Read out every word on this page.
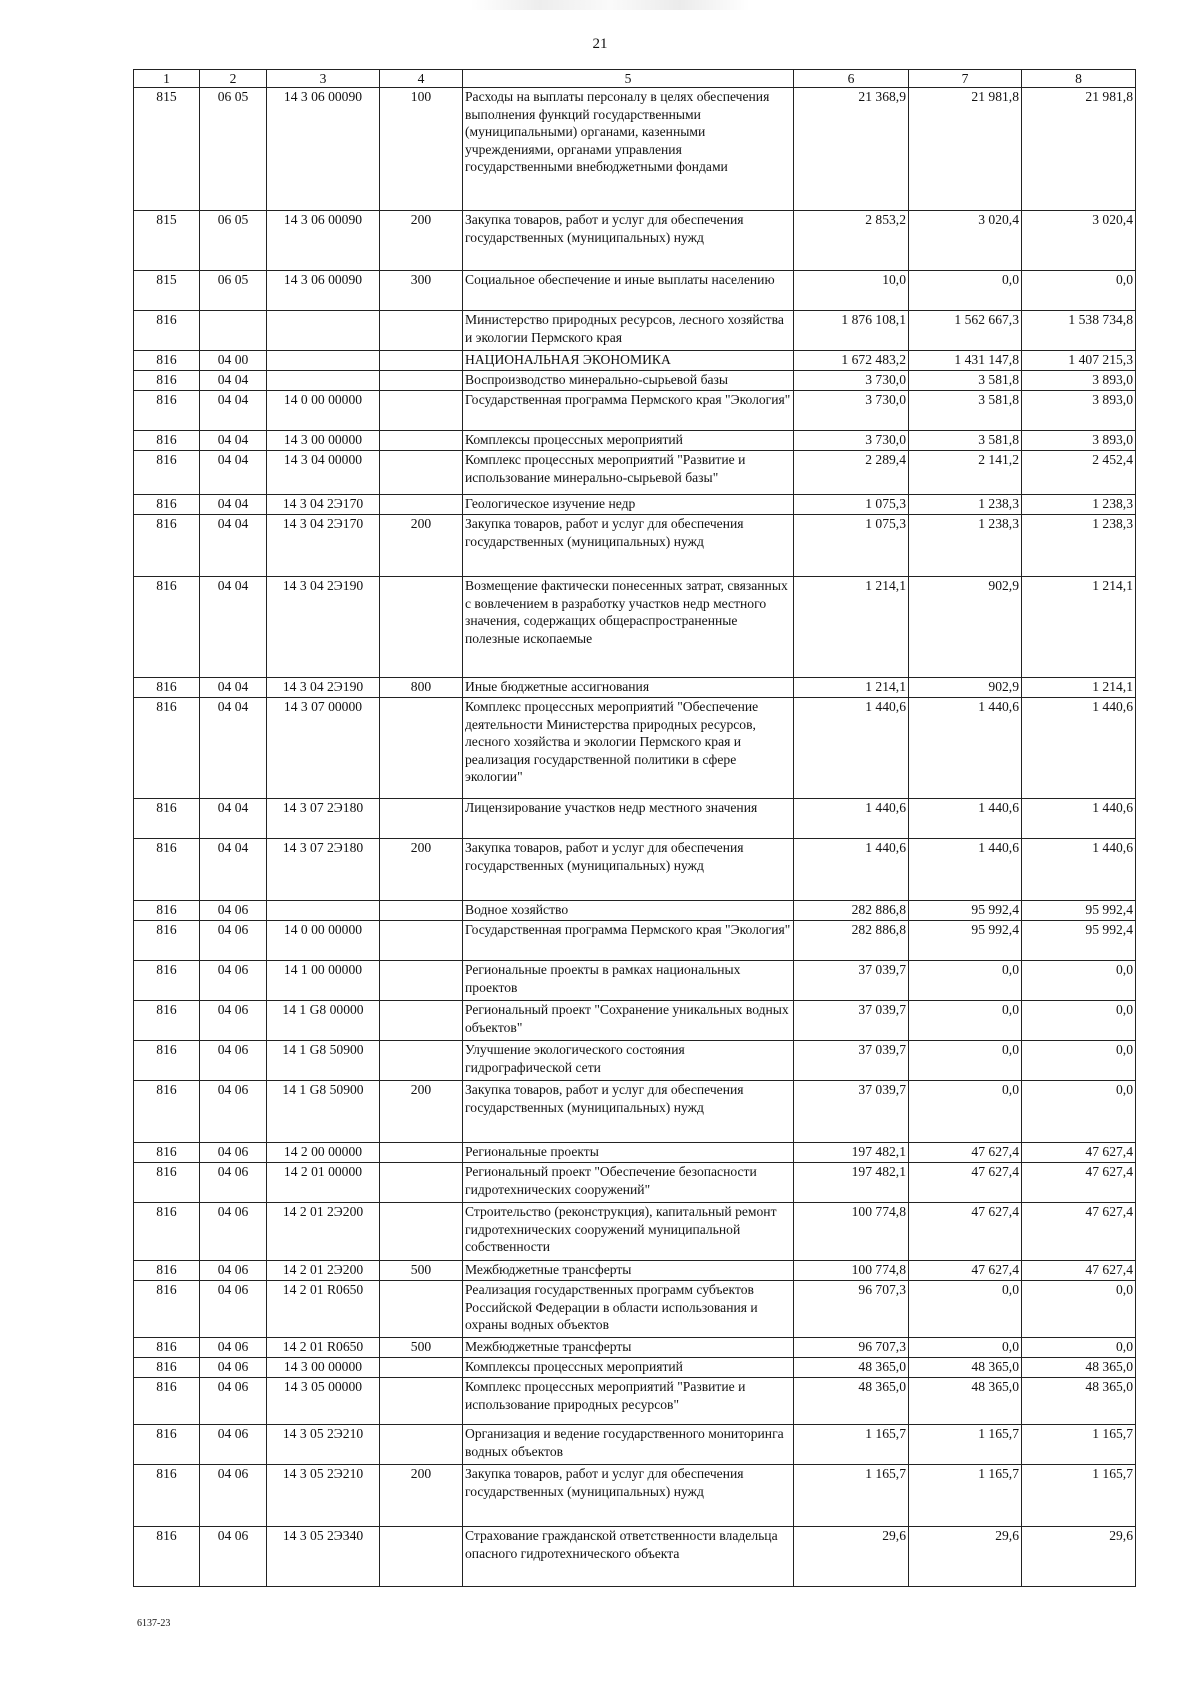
21
1	2	3	4	5	6	7	8
815	06 05	14 3 06 00090	100	Расходы на выплаты персоналу в целях обеспечения выполнения функций государственными (муниципальными) органами, казенными учреждениями, органами управления государственными внебюджетными фондами	21 368,9	21 981,8	21 981,8
815	06 05	14 3 06 00090	200	Закупка товаров, работ и услуг для обеспечения государственных (муниципальных) нужд	2 853,2	3 020,4	3 020,4
815	06 05	14 3 06 00090	300	Социальное обеспечение и иные выплаты населению	10,0	0,0	0,0
816				Министерство природных ресурсов, лесного хозяйства и экологии Пермского края	1 876 108,1	1 562 667,3	1 538 734,8
816	04 00			НАЦИОНАЛЬНАЯ ЭКОНОМИКА	1 672 483,2	1 431 147,8	1 407 215,3
816	04 04			Воспроизводство минерально-сырьевой базы	3 730,0	3 581,8	3 893,0
816	04 04	14 0 00 00000		Государственная программа Пермского края "Экология"	3 730,0	3 581,8	3 893,0
816	04 04	14 3 00 00000		Комплексы процессных мероприятий	3 730,0	3 581,8	3 893,0
816	04 04	14 3 04 00000		Комплекс процессных мероприятий "Развитие и использование минерально-сырьевой базы"	2 289,4	2 141,2	2 452,4
816	04 04	14 3 04 2Э170		Геологическое изучение недр	1 075,3	1 238,3	1 238,3
816	04 04	14 3 04 2Э170	200	Закупка товаров, работ и услуг для обеспечения государственных (муниципальных) нужд	1 075,3	1 238,3	1 238,3
816	04 04	14 3 04 2Э190		Возмещение фактически понесенных затрат, связанных с вовлечением в разработку участков недр местного значения, содержащих общераспространенные полезные ископаемые	1 214,1	902,9	1 214,1
816	04 04	14 3 04 2Э190	800	Иные бюджетные ассигнования	1 214,1	902,9	1 214,1
816	04 04	14 3 07 00000		Комплекс процессных мероприятий "Обеспечение деятельности Министерства природных ресурсов, лесного хозяйства и экологии Пермского края и реализация государственной политики в сфере экологии"	1 440,6	1 440,6	1 440,6
816	04 04	14 3 07 2Э180		Лицензирование участков недр местного значения	1 440,6	1 440,6	1 440,6
816	04 04	14 3 07 2Э180	200	Закупка товаров, работ и услуг для обеспечения государственных (муниципальных) нужд	1 440,6	1 440,6	1 440,6
816	04 06			Водное хозяйство	282 886,8	95 992,4	95 992,4
816	04 06	14 0 00 00000		Государственная программа Пермского края "Экология"	282 886,8	95 992,4	95 992,4
816	04 06	14 1 00 00000		Региональные проекты в рамках национальных проектов	37 039,7	0,0	0,0
816	04 06	14 1 G8 00000		Региональный проект "Сохранение уникальных водных объектов"	37 039,7	0,0	0,0
816	04 06	14 1 G8 50900		Улучшение экологического состояния гидрографической сети	37 039,7	0,0	0,0
816	04 06	14 1 G8 50900	200	Закупка товаров, работ и услуг для обеспечения государственных (муниципальных) нужд	37 039,7	0,0	0,0
816	04 06	14 2 00 00000		Региональные проекты	197 482,1	47 627,4	47 627,4
816	04 06	14 2 01 00000		Региональный проект "Обеспечение безопасности гидротехнических сооружений"	197 482,1	47 627,4	47 627,4
816	04 06	14 2 01 2Э200		Строительство (реконструкция), капитальный ремонт гидротехнических сооружений муниципальной собственности	100 774,8	47 627,4	47 627,4
816	04 06	14 2 01 2Э200	500	Межбюджетные трансферты	100 774,8	47 627,4	47 627,4
816	04 06	14 2 01 R0650		Реализация государственных программ субъектов Российской Федерации в области использования и охраны водных объектов	96 707,3	0,0	0,0
816	04 06	14 2 01 R0650	500	Межбюджетные трансферты	96 707,3	0,0	0,0
816	04 06	14 3 00 00000		Комплексы процессных мероприятий	48 365,0	48 365,0	48 365,0
816	04 06	14 3 05 00000		Комплекс процессных мероприятий "Развитие и использование природных ресурсов"	48 365,0	48 365,0	48 365,0
816	04 06	14 3 05 2Э210		Организация и ведение государственного мониторинга водных объектов	1 165,7	1 165,7	1 165,7
816	04 06	14 3 05 2Э210	200	Закупка товаров, работ и услуг для обеспечения государственных (муниципальных) нужд	1 165,7	1 165,7	1 165,7
816	04 06	14 3 05 2Э340		Страхование гражданской ответственности владельца опасного гидротехнического объекта	29,6	29,6	29,6
6137-23
